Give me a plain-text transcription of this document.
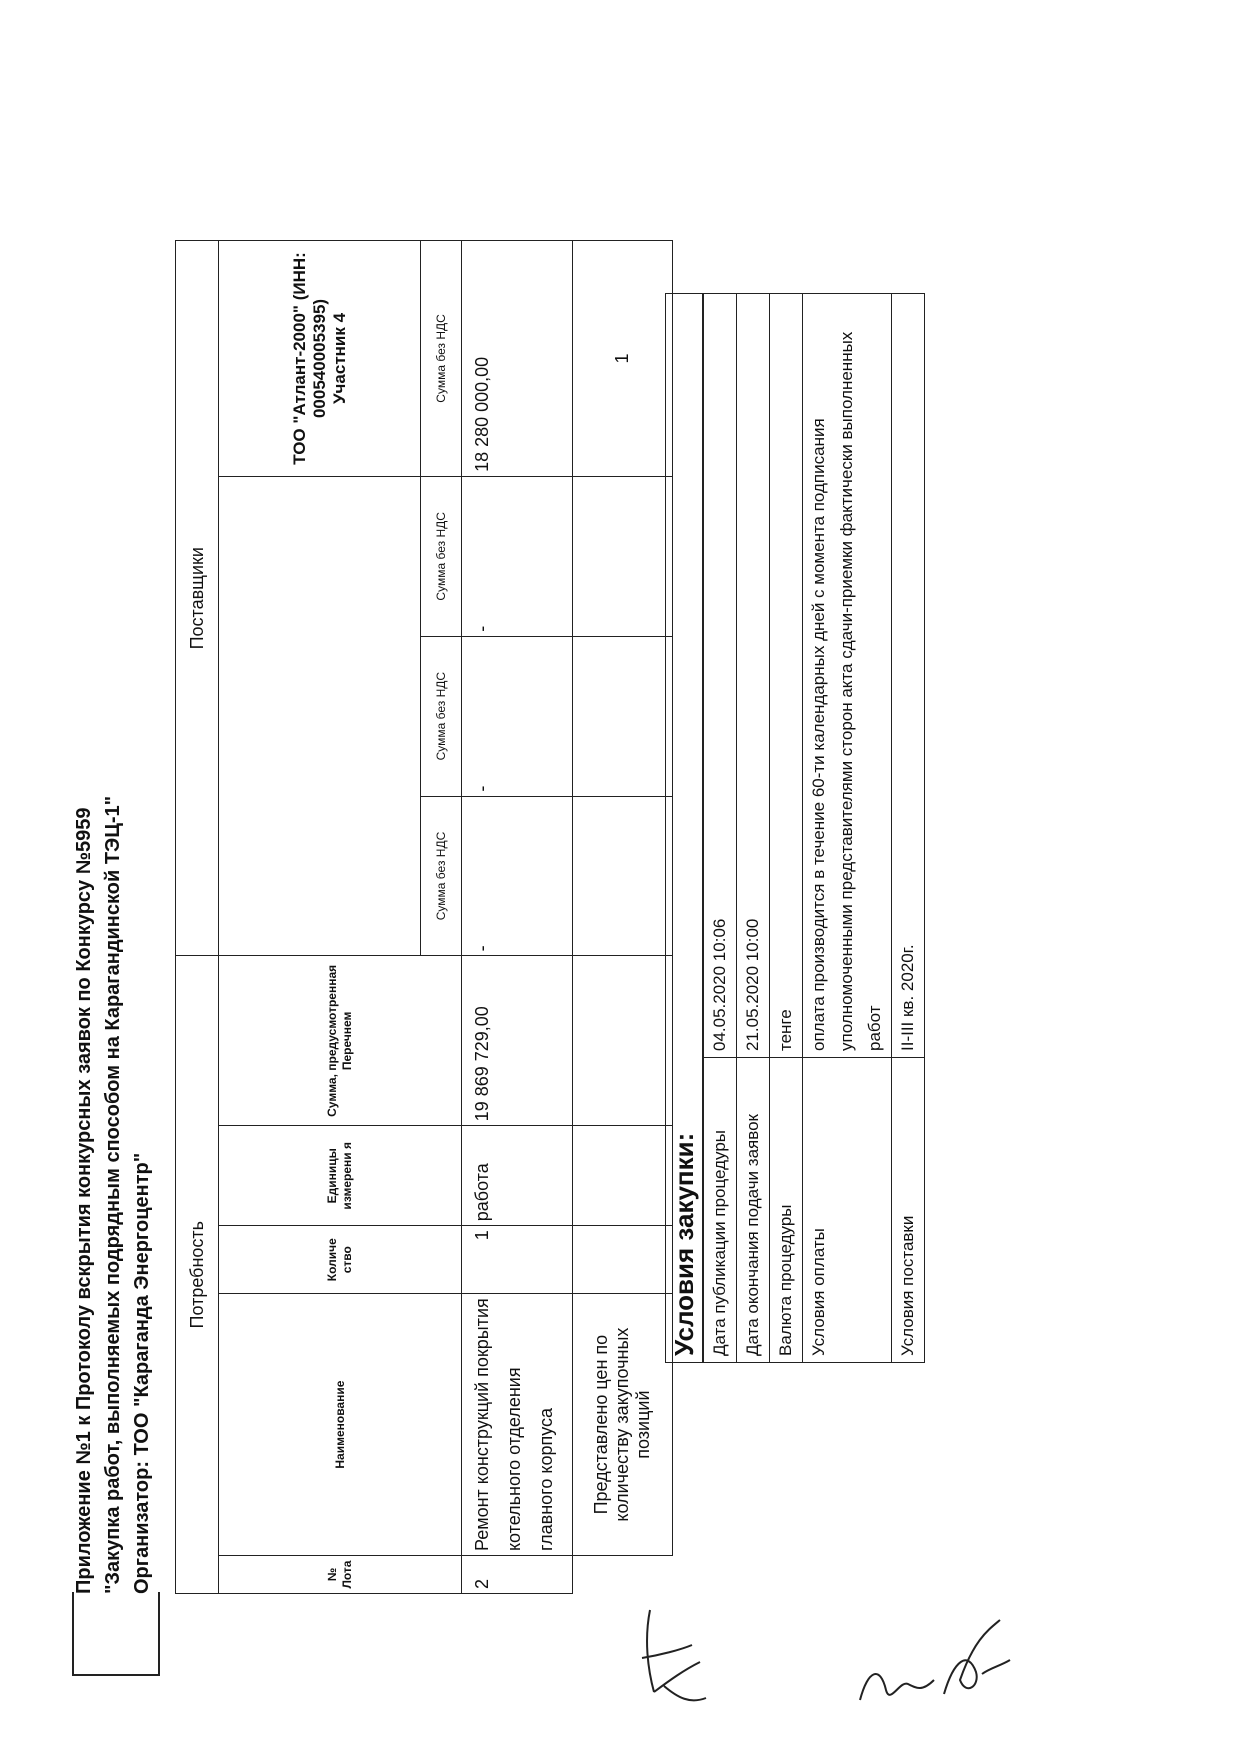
Приложение №1 к Протоколу вскрытия конкурсных заявок по Конкурсу №5959 "Закупка работ, выполняемых подрядным способом на Карагандинской ТЭЦ-1" Организатор: ТОО "Караганда Энергоцентр" Потребность					Поставщики			
№ Лота	Наименование	Количе ство	Единицы измерени я	Сумма, предусмотренная Перечнем				ТОО "Атлант-2000" (ИНН: 000540005395) Участник 4

					Сумма без НДС	Сумма без НДС	Сумма без НДС	Сумма без НДС
2	Ремонт конструкций покрытия котельного отделения главного корпуса	1	работа	19 869 729,00	-	-	-	18 280 000,00
	Представлено цен по количеству закупочных позиций							1
Условия закупки:	
Дата публикации процедуры	04.05.2020 10:06
Дата окончания подачи заявок	21.05.2020 10:00
Валюта процедуры	тенге
Условия оплаты	оплата производится в течение 60-ти календарных дней с момента подписания уполномоченными представителями сторон акта сдачи-приемки фактически выполненных работ
Условия поставки	II-III кв. 2020г.
